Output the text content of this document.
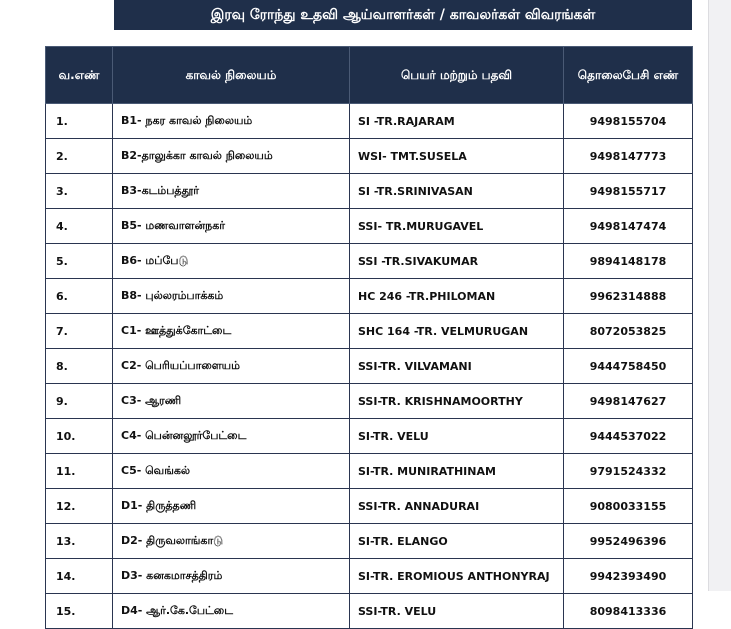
இரவு ரோந்து உதவி ஆய்வாளர்கள் / காவலர்கள் விவரங்கள்
வ.எண்	காவல் நிலையம்	பெயர் மற்றும் பதவி	தொலைபேசி எண்
1.	B1- நகர காவல் நிலையம்	SI -TR.RAJARAM	9498155704
2.	B2-தாலுக்கா காவல் நிலையம்	WSI- TMT.SUSELA	9498147773
3.	B3-கடம்பத்தூர்	SI -TR.SRINIVASAN	9498155717
4.	B5- மணவாளன்நகர்	SSI- TR.MURUGAVEL	9498147474
5.	B6- மப்பேடு	SSI -TR.SIVAKUMAR	9894148178
6.	B8- புல்லரம்பாக்கம்	HC 246 -TR.PHILOMAN	9962314888
7.	C1- ஊத்துக்கோட்டை	SHC 164 -TR. VELMURUGAN	8072053825
8.	C2- பெரியப்பாளையம்	SSI-TR. VILVAMANI	9444758450
9.	C3- ஆரணி	SSI-TR. KRISHNAMOORTHY	9498147627
10.	C4- பென்னலூர்பேட்டை	SI-TR. VELU	9444537022
11.	C5- வெங்கல்	SI-TR. MUNIRATHINAM	9791524332
12.	D1- திருத்தணி	SSI-TR. ANNADURAI	9080033155
13.	D2- திருவலாங்காடு	SI-TR. ELANGO	9952496396
14.	D3- கனகமாசத்திரம்	SI-TR. EROMIOUS ANTHONYRAJ	9942393490
15.	D4- ஆர்.கே.பேட்டை	SSI-TR. VELU	8098413336
